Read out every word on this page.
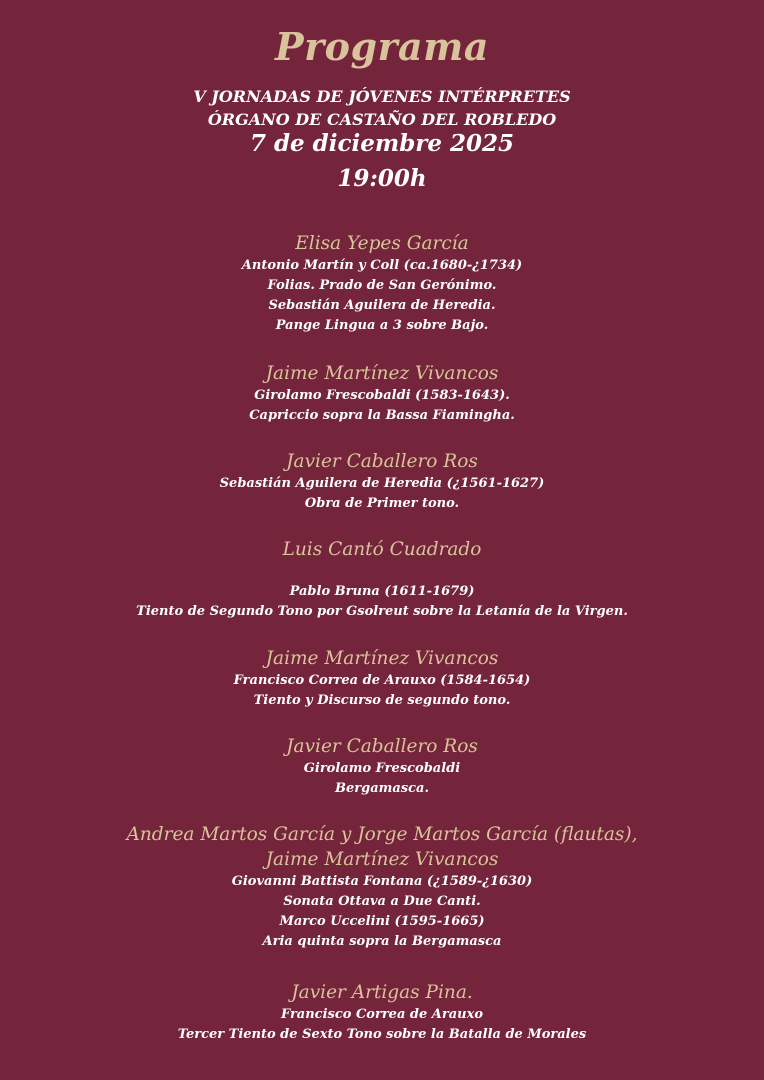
Programa
V JORNADAS DE JÓVENES INTÉRPRETES
ÓRGANO DE CASTAÑO DEL ROBLEDO
7 de diciembre 2025
19:00h
Elisa Yepes García
Antonio Martín y Coll (ca.1680-¿1734)
Folias. Prado de San Gerónimo.
Sebastián Aguilera de Heredia.
Pange Lingua a 3 sobre Bajo.
Jaime Martínez Vivancos
Girolamo Frescobaldi (1583-1643).
Capriccio sopra la Bassa Fiamingha.
Javier Caballero Ros
Sebastián Aguilera de Heredia (¿1561-1627)
Obra de Primer tono.
Luis Cantó Cuadrado
Pablo Bruna (1611-1679)
Tiento de Segundo Tono por Gsolreut sobre la Letanía de la Virgen.
Jaime Martínez Vivancos
Francisco Correa de Arauxo (1584-1654)
Tiento y Discurso de segundo tono.
Javier Caballero Ros
Girolamo Frescobaldi
Bergamasca.
Andrea Martos García y Jorge Martos García (flautas),
Jaime Martínez Vivancos
Giovanni Battista Fontana (¿1589-¿1630)
Sonata Ottava a Due Canti.
Marco Uccelini (1595-1665)
Aria quinta sopra la Bergamasca
Javier Artigas Pina.
Francisco Correa de Arauxo
Tercer Tiento de Sexto Tono sobre la Batalla de Morales
